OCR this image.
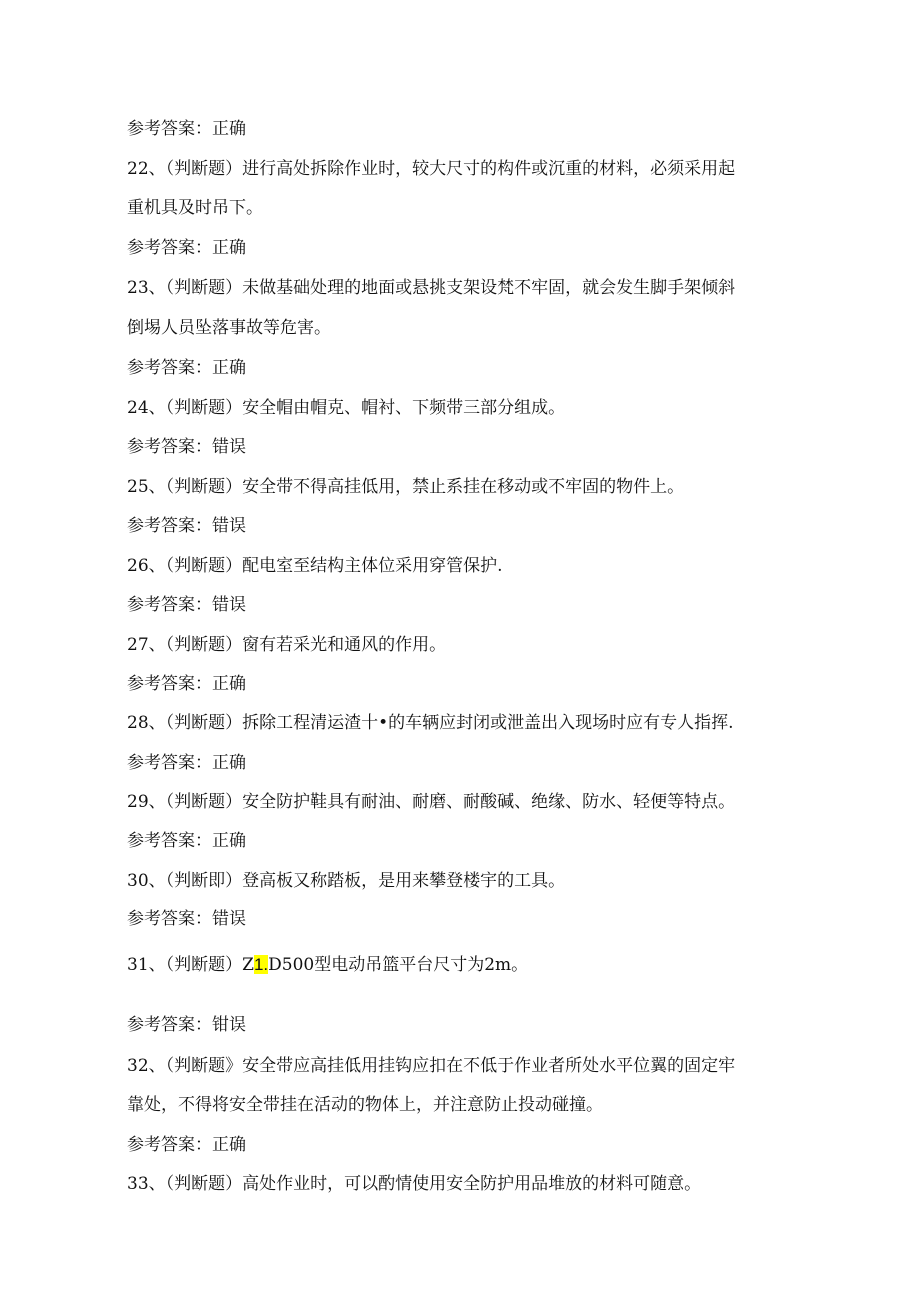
参考答案：正确
22、（判断题）进行高处拆除作业时，较大尺寸的构件或沉重的材料，必须采用起
重机具及时吊下。
参考答案：正确
23、（判断题）未做基础处理的地面或悬挑支架设梵不牢固，就会发生脚手架倾斜
倒埸人员坠落事故等危害。
参考答案：正确
24、（判断题）安全帽由帽克、帽衬、下频带三部分组成。
参考答案：错误
25、（判断题）安全带不得高挂低用，禁止系挂在移动或不牢固的物件上。
参考答案：错误
26、（判断题）配电室至结构主体位采用穿管保护.
参考答案：错误
27、（判断题）窗有若采光和通风的作用。
参考答案：正确
28、（判断题）拆除工程清运渣十•的车辆应封闭或泄盖出入现场时应有专人指挥.
参考答案：正确
29、（判断题）安全防护鞋具有耐油、耐磨、耐酸碱、绝缘、防水、轻便等特点。
参考答案：正确
30、（判断即）登高板又称踏板，是用来攀登楼宇的工具。
参考答案：错误
31、（判断题）Z1.D500型电动吊篮平台尺寸为2m。
参考答案：钳误
32、（判断题》安全带应高挂低用挂钩应扣在不低于作业者所处水平位翼的固定牢
靠处，不得将安全带挂在活动的物体上，并注意防止投动碰撞。
参考答案：正确
33、（判断题）高处作业时，可以酌情使用安全防护用品堆放的材料可随意。
